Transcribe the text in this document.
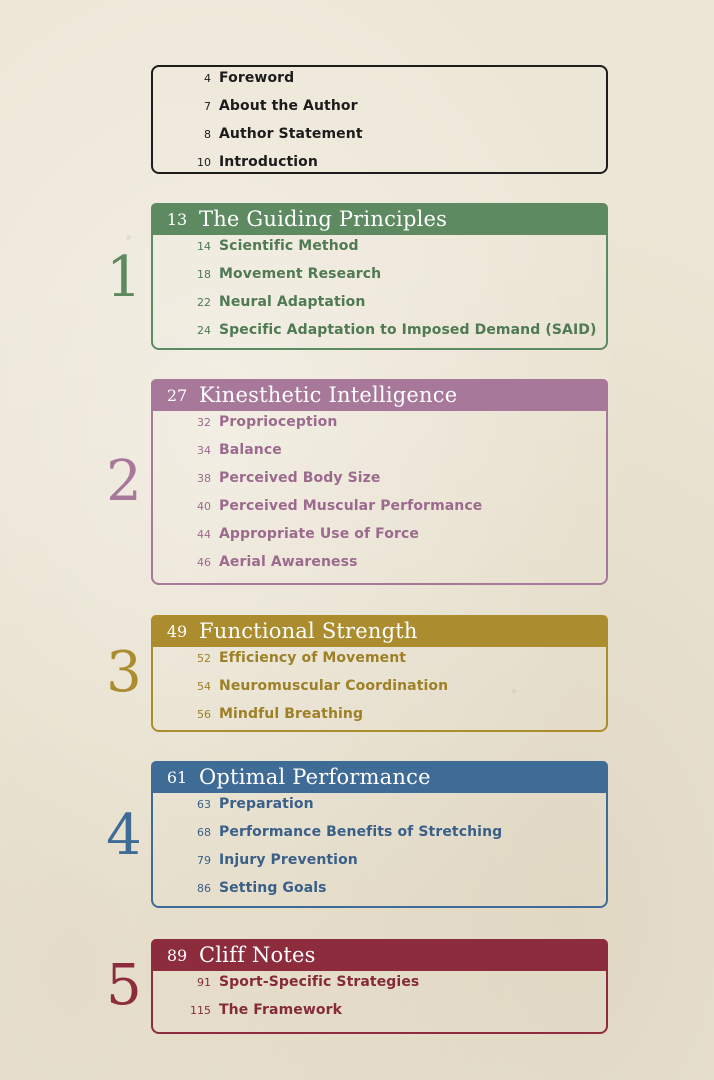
4 Foreword
7 About the Author
8 Author Statement
10 Introduction
1
13 The Guiding Principles
14 Scientific Method
18 Movement Research
22 Neural Adaptation
24 Specific Adaptation to Imposed Demand (SAID)
2
27 Kinesthetic Intelligence
32 Proprioception
34 Balance
38 Perceived Body Size
40 Perceived Muscular Performance
44 Appropriate Use of Force
46 Aerial Awareness
3
49 Functional Strength
52 Efficiency of Movement
54 Neuromuscular Coordination
56 Mindful Breathing
4
61 Optimal Performance
63 Preparation
68 Performance Benefits of Stretching
79 Injury Prevention
86 Setting Goals
5	89 Cliff Notes
91 Sport-Specific Strategies
115 The Framework
